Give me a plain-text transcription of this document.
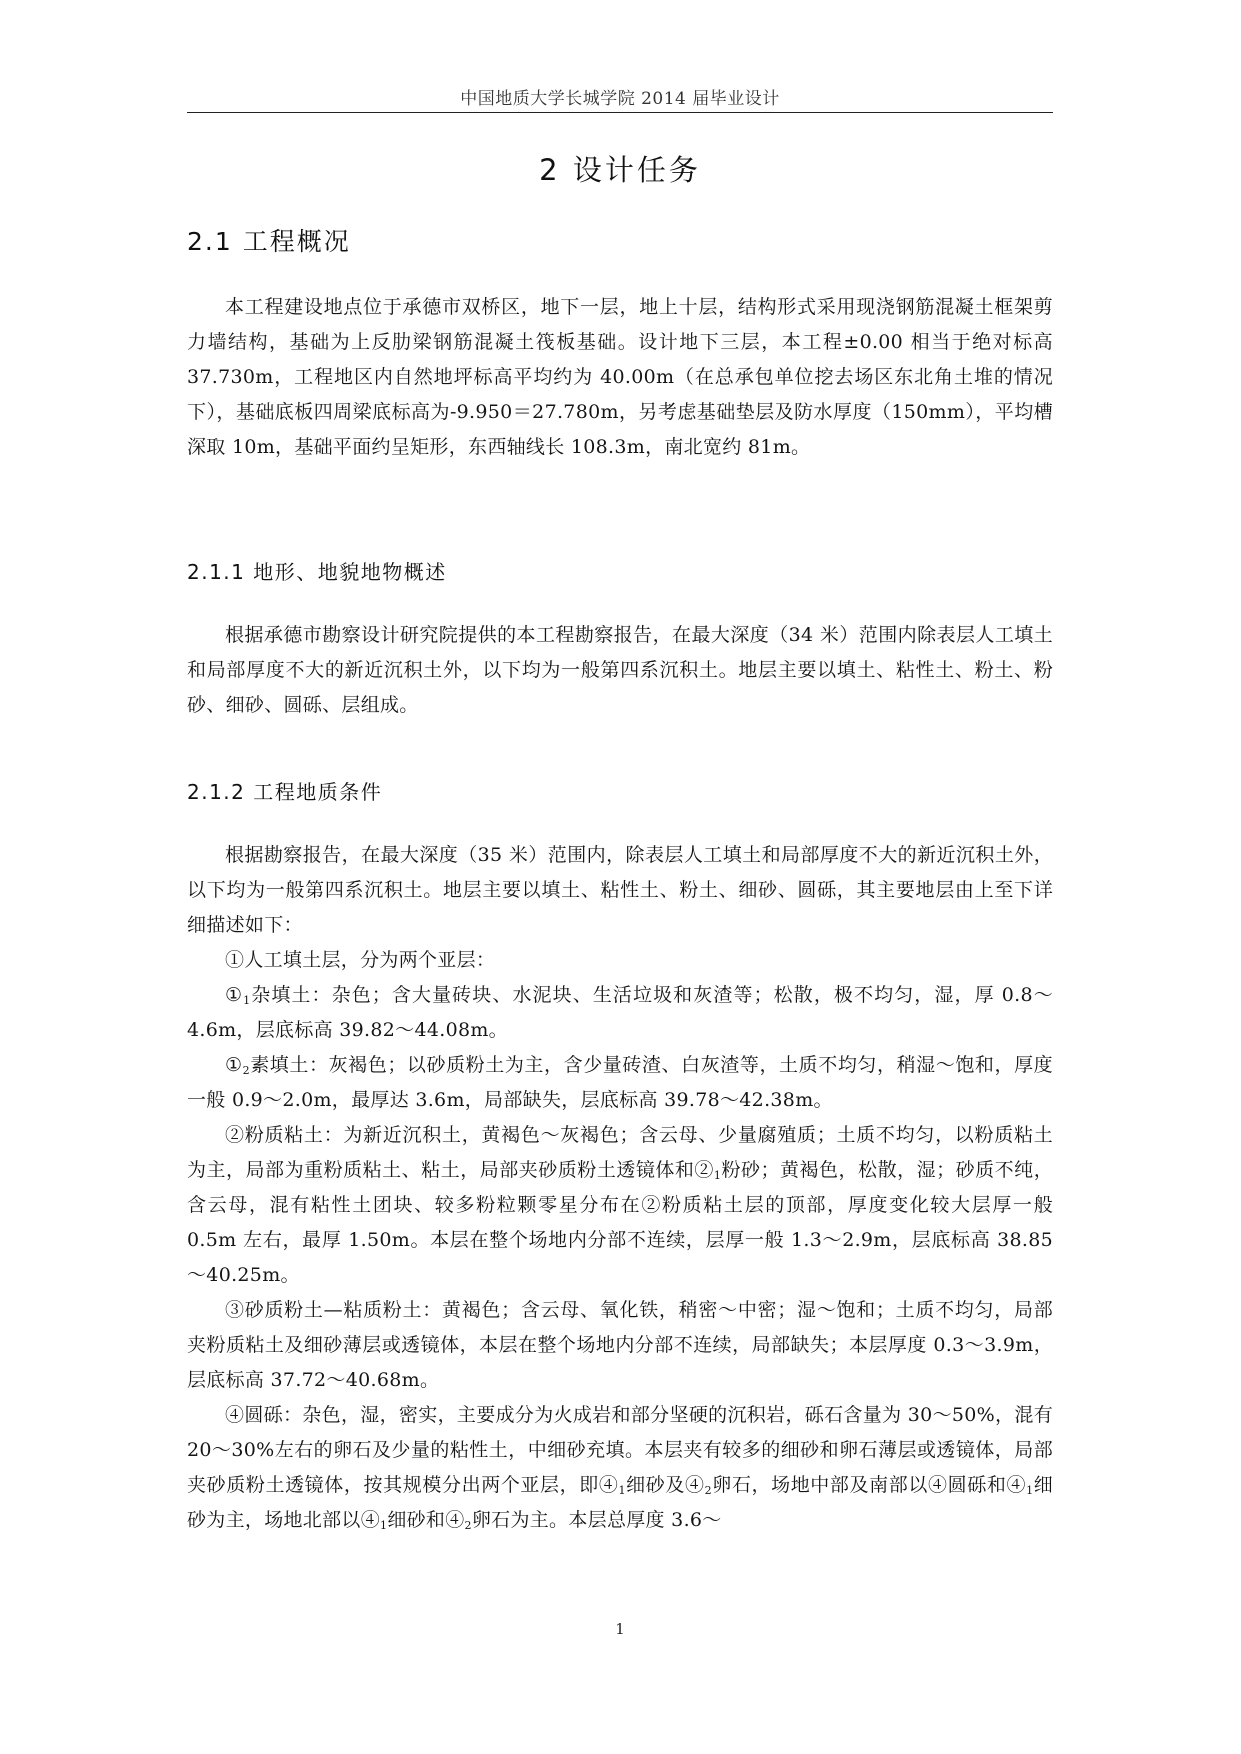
中国地质大学长城学院 2014 届毕业设计
2 设计任务
2.1 工程概况
本工程建设地点位于承德市双桥区，地下一层，地上十层，结构形式采用现浇钢筋混凝土框架剪力墙结构，基础为上反肋梁钢筋混凝土筏板基础。设计地下三层，本工程±0.00 相当于绝对标高 37.730m，工程地区内自然地坪标高平均约为 40.00m（在总承包单位挖去场区东北角土堆的情况下），基础底板四周梁底标高为-9.950＝27.780m，另考虑基础垫层及防水厚度（150mm），平均槽深取 10m，基础平面约呈矩形，东西轴线长 108.3m，南北宽约 81m。
2.1.1 地形、地貌地物概述
根据承德市勘察设计研究院提供的本工程勘察报告，在最大深度（34 米）范围内除表层人工填土和局部厚度不大的新近沉积土外，以下均为一般第四系沉积土。地层主要以填土、粘性土、粉土、粉砂、细砂、圆砾、层组成。
2.1.2 工程地质条件
根据勘察报告，在最大深度（35 米）范围内，除表层人工填土和局部厚度不大的新近沉积土外，以下均为一般第四系沉积土。地层主要以填土、粘性土、粉土、细砂、圆砾，其主要地层由上至下详细描述如下：
①人工填土层，分为两个亚层：
$①_1$杂填土：杂色；含大量砖块、水泥块、生活垃圾和灰渣等；松散，极不均匀，湿，厚 0.8～4.6m，层底标高 39.82～44.08m。
$①_2$素填土：灰褐色；以砂质粉土为主，含少量砖渣、白灰渣等，土质不均匀，稍湿～饱和，厚度一般 0.9～2.0m，最厚达 3.6m，局部缺失，层底标高 39.78～42.38m。
②粉质粘土：为新近沉积土，黄褐色～灰褐色；含云母、少量腐殖质；土质不均匀，以粉质粘土为主，局部为重粉质粘土、粘土，局部夹砂质粉土透镜体和$②_1$粉砂；黄褐色，松散，湿；砂质不纯，含云母，混有粘性土团块、较多粉粒颗零星分布在②粉质粘土层的顶部，厚度变化较大层厚一般 0.5m 左右，最厚 1.50m。本层在整个场地内分部不连续，层厚一般 1.3～2.9m，层底标高 38.85～40.25m。
③砂质粉土—粘质粉土：黄褐色；含云母、氧化铁，稍密～中密；湿～饱和；土质不均匀，局部夹粉质粘土及细砂薄层或透镜体，本层在整个场地内分部不连续，局部缺失；本层厚度 0.3～3.9m，层底标高 37.72～40.68m。
④圆砾：杂色，湿，密实，主要成分为火成岩和部分坚硬的沉积岩，砾石含量为 30～50%，混有 20～30%左右的卵石及少量的粘性土，中细砂充填。本层夹有较多的细砂和卵石薄层或透镜体，局部夹砂质粉土透镜体，按其规模分出两个亚层，即$④_1$细砂及$④_2$卵石，场地中部及南部以④圆砾和$④_1$细砂为主，场地北部以$④_1$细砂和$④_2$卵石为主。本层总厚度 3.6～
1
